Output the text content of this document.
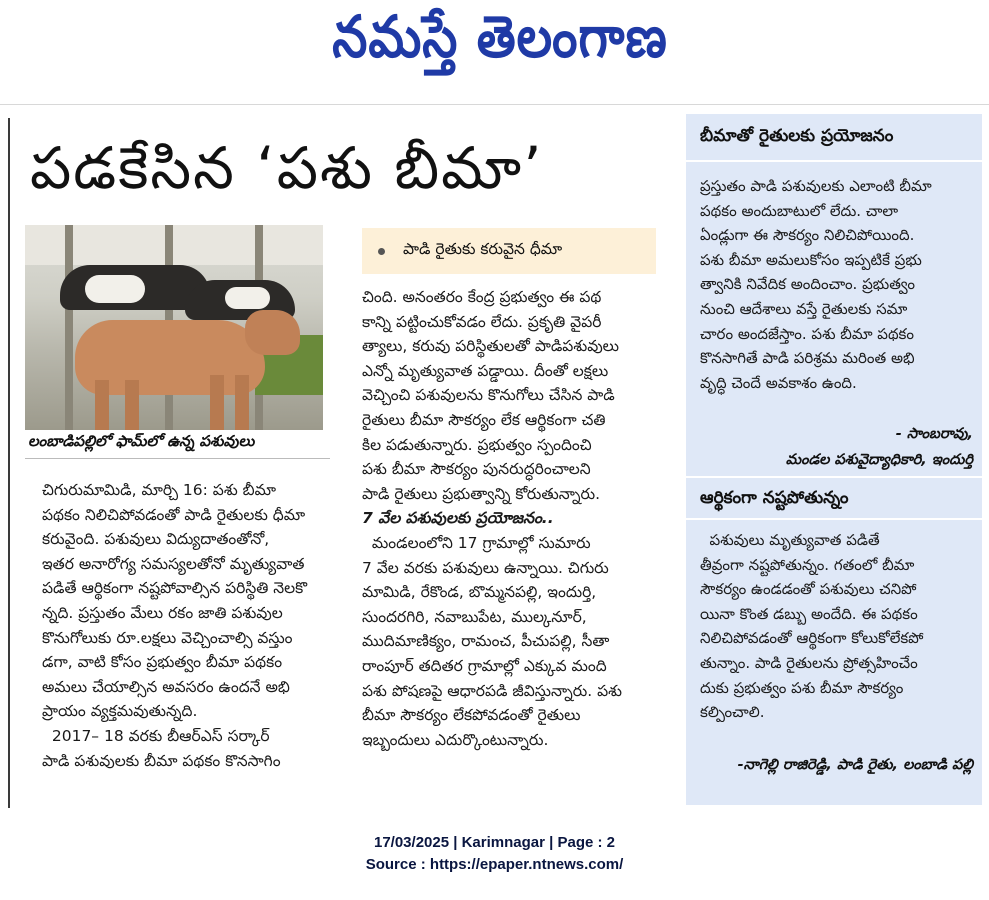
నమస్తే తెలంగాణ
పడకేసిన ‘పశు బీమా’
లంబాడిపల్లిలో ఫామ్‌లో ఉన్న పశువులు

చిగురుమామిడి, మార్చి 16: పశు బీమా

పథకం నిలిచిపోవడంతో పాడి రైతులకు ధీమా

కరువైంది. పశువులు విద్యుదాతంతోనో,

ఇతర అనారోగ్య సమస్యలతోనో మృత్యువాత

పడితే ఆర్థికంగా నష్టపోవాల్సిన పరిస్థితి నెలకొ

న్నది. ప్రస్తుతం మేలు రకం జాతి పశువుల

కొనుగోలుకు రూ.లక్షలు వెచ్చించాల్సి వస్తుం

డగా, వాటి కోసం ప్రభుత్వం బీమా పథకం

అమలు చేయాల్సిన అవసరం ఉందనే అభి

ప్రాయం వ్యక్తమవుతున్నది.

2017– 18 వరకు బీఆర్‌ఎస్ సర్కార్

పాడి పశువులకు బీమా పథకం కొనసాగిం

పాడి రైతుకు కరువైన ధీమా

చింది. అనంతరం కేంద్ర ప్రభుత్వం ఈ పథ

కాన్ని పట్టించుకోవడం లేదు. ప్రకృతి వైపరీ

త్యాలు, కరువు పరిస్థితులతో పాడిపశువులు

ఎన్నో మృత్యువాత పడ్డాయి. దీంతో లక్షలు

వెచ్చించి పశువులను కొనుగోలు చేసిన పాడి

రైతులు బీమా సౌకర్యం లేక ఆర్థికంగా చతి

కిల పడుతున్నారు. ప్రభుత్వం స్పందించి

పశు బీమా సౌకర్యం పునరుద్ధరించాలని

పాడి రైతులు ప్రభుత్వాన్ని కోరుతున్నారు.

7 వేల పశువులకు ప్రయోజనం..

మండలంలోని 17 గ్రామాల్లో సుమారు

7 వేల వరకు పశువులు ఉన్నాయి. చిగురు

మామిడి, రేకొండ, బొమ్మనపల్లి, ఇందుర్తి,

సుందరగిరి, నవాబుపేట, ముల్కనూర్,

ముదిమాణిక్యం, రామంచ, పీచుపల్లి, సీతా

రాంపూర్ తదితర గ్రామాల్లో ఎక్కువ మంది

పశు పోషణపై ఆధారపడి జీవిస్తున్నారు. పశు

బీమా సౌకర్యం లేకపోవడంతో రైతులు

ఇబ్బందులు ఎదుర్కొంటున్నారు.

బీమాతో రైతులకు ప్రయోజనం

ప్రస్తుతం పాడి పశువులకు ఎలాంటి బీమా

పథకం అందుబాటులో లేదు. చాలా

ఏండ్లుగా ఈ సౌకర్యం నిలిచిపోయింది.

పశు బీమా అమలుకోసం ఇప్పటికే ప్రభు

త్వానికి నివేదిక అందించాం. ప్రభుత్వం

నుంచి ఆదేశాలు వస్తే రైతులకు సమా

చారం అందజేస్తాం. పశు బీమా పథకం

కొనసాగితే పాడి పరిశ్రమ మరింత అభి

వృద్ధి చెందే అవకాశం ఉంది.

- సాంబరావు,
మండల పశువైద్యాధికారి, ఇందుర్తి
ఆర్థికంగా నష్టపోతున్నం

పశువులు మృత్యువాత పడితే

తీవ్రంగా నష్టపోతున్నం. గతంలో బీమా

సౌకర్యం ఉండడంతో పశువులు చనిపో

యినా కొంత డబ్బు అందేది. ఈ పథకం

నిలిచిపోవడంతో ఆర్థికంగా కోలుకోలేకపో

తున్నాం. పాడి రైతులను ప్రోత్సహించేం

దుకు ప్రభుత్వం పశు బీమా సౌకర్యం

కల్పించాలి.

-నాగెల్లి రాజిరెడ్డి, పాడి రైతు, లంబాడి పల్లి
17/03/2025 | Karimnagar | Page : 2
Source : https://epaper.ntnews.com/
